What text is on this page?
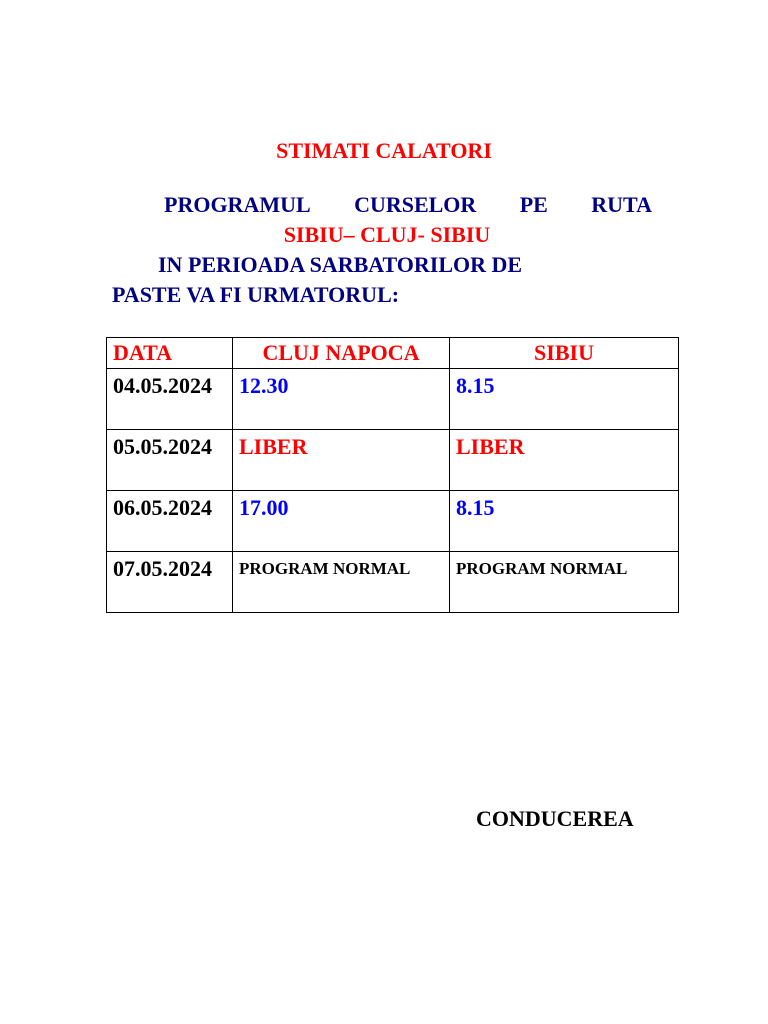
STIMATI CALATORI
PROGRAMUL CURSELOR PE RUTA
SIBIU– CLUJ- SIBIU
IN PERIOADA SARBATORILOR DE
PASTE VA FI URMATORUL:
DATA	CLUJ NAPOCA	SIBIU
04.05.2024	12.30	8.15
05.05.2024	LIBER	LIBER
06.05.2024	17.00	8.15
07.05.2024	PROGRAM NORMAL	PROGRAM NORMAL
CONDUCEREA
